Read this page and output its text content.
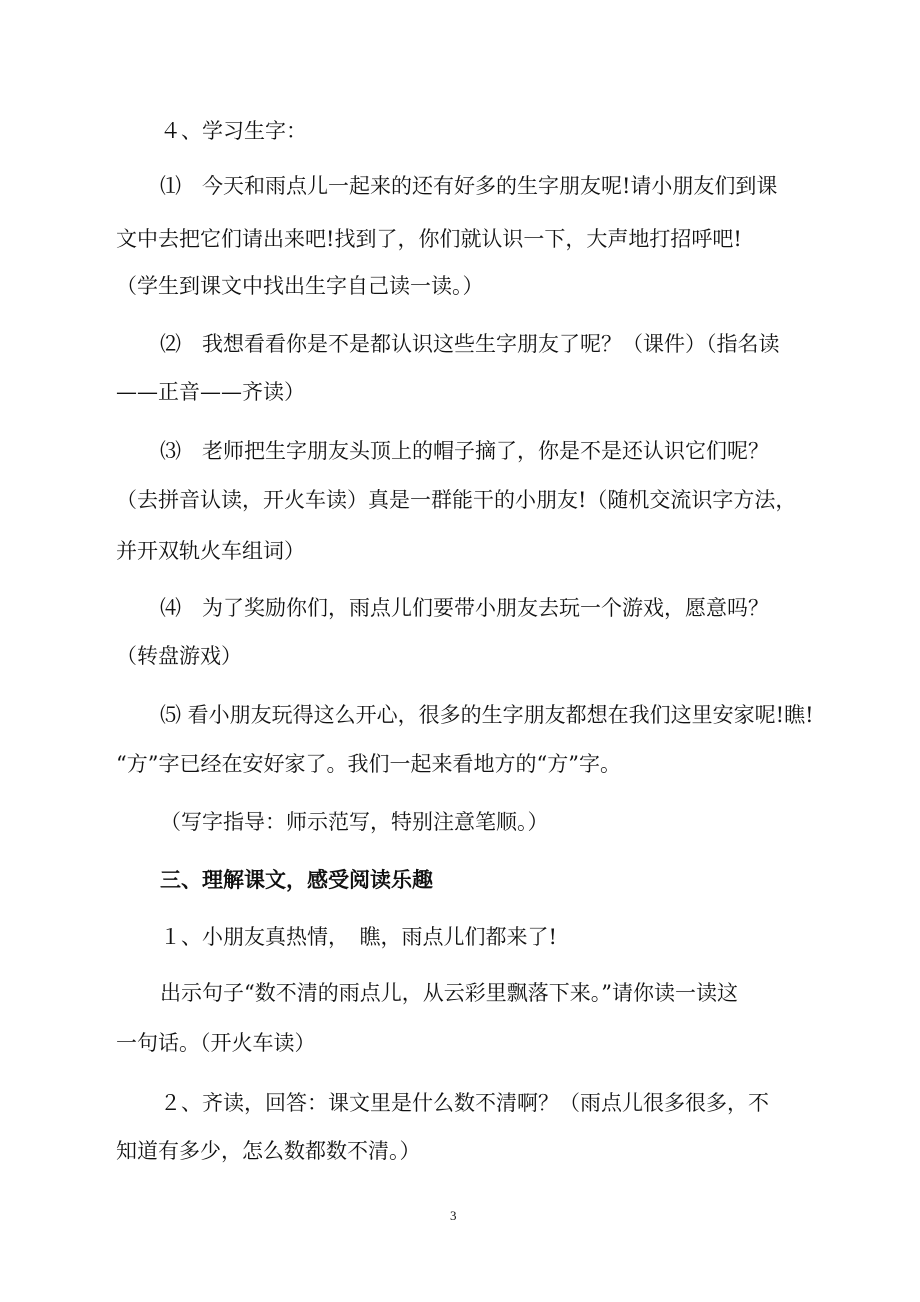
４、学习生字：
⑴　今天和雨点儿一起来的还有好多的生字朋友呢!请小朋友们到课
文中去把它们请出来吧!找到了，你们就认识一下，大声地打招呼吧!
（学生到课文中找出生字自己读一读。）
⑵　我想看看你是不是都认识这些生字朋友了呢？（课件）（指名读
——正音——齐读）
⑶　老师把生字朋友头顶上的帽子摘了，你是不是还认识它们呢？
（去拼音认读，开火车读）真是一群能干的小朋友!（随机交流识字方法，
并开双轨火车组词）
⑷　为了奖励你们，雨点儿们要带小朋友去玩一个游戏，愿意吗？
（转盘游戏）
⑸ 看小朋友玩得这么开心，很多的生字朋友都想在我们这里安家呢!瞧!
“方”字已经在安好家了。我们一起来看地方的“方”字。
（写字指导：师示范写，特别注意笔顺。）
三、理解课文，感受阅读乐趣
１、小朋友真热情，　瞧，雨点儿们都来了!
出示句子“数不清的雨点儿，从云彩里飘落下来。”请你读一读这
一句话。（开火车读）
２、齐读，回答：课文里是什么数不清啊？（雨点儿很多很多，不
知道有多少，怎么数都数不清。）
3
